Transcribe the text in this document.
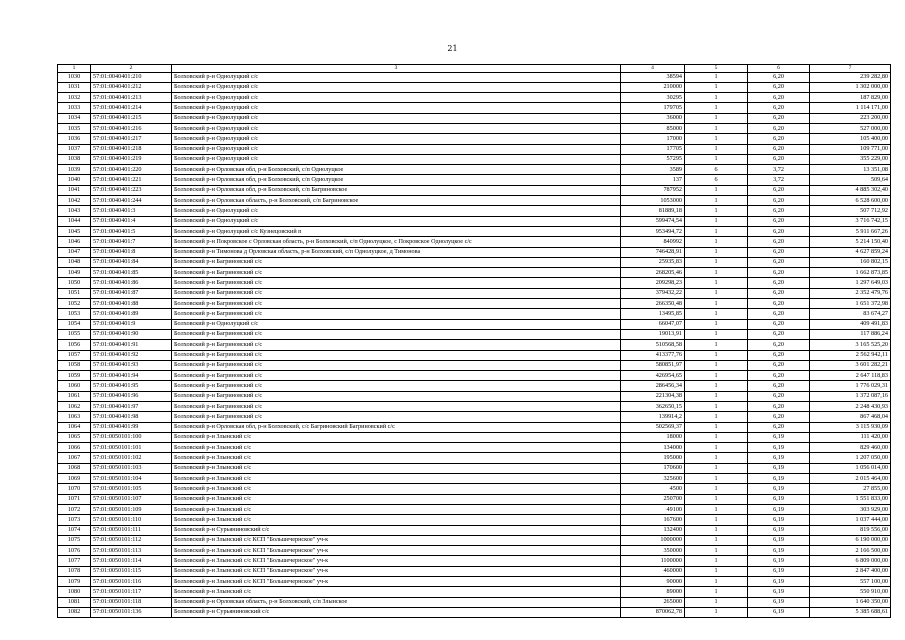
21
1	2	3	4	5	6	7
1030	57:01:0040401:210	Болховский р-н Однолуцкий с/с	38594	1	6,20	239 282,80
1031	57:01:0040401:212	Болховский р-н Однолуцкий с/с	210000	1	6,20	1 302 000,00
1032	57:01:0040401:213	Болховский р-н Однолуцкий с/с	30295	1	6,20	187 829,00
1033	57:01:0040401:214	Болховский р-н Однолуцкий с/с	179705	1	6,20	1 114 171,00
1034	57:01:0040401:215	Болховский р-н Однолуцкий с/с	36000	1	6,20	223 200,00
1035	57:01:0040401:216	Болховский р-н Однолуцкий с/с	85000	1	6,20	527 000,00
1036	57:01:0040401:217	Болховский р-н Однолуцкий с/с	17000	1	6,20	105 400,00
1037	57:01:0040401:218	Болховский р-н Однолуцкий с/с	17705	1	6,20	109 771,00
1038	57:01:0040401:219	Болховский р-н Однолуцкий с/с	57295	1	6,20	355 229,00
1039	57:01:0040401:220	Болховский р-н Орловская обл, р-н Болховский, с/п Однолуцкое	3589	6	3,72	13 351,08
1040	57:01:0040401:221	Болховский р-н Орловская обл, р-н Болховский, с/п Однолуцкое	137	6	3,72	509,64
1041	57:01:0040401:223	Болховский р-н Орловская обл, р-н Болховский, с/п Багриновское	787952	1	6,20	4 885 302,40
1042	57:01:0040401:244	Болховский р-н Орловская область, р-н Болховский, с/п Багриновское	1053000	1	6,20	6 528 600,00
1043	57:01:0040401:3	Болховский р-н Однолуцкий с/с	81889,18	1	6,20	507 712,92
1044	57:01:0040401:4	Болховский р-н Однолуцкий с/с	599474,54	1	6,20	3 716 742,15
1045	57:01:0040401:5	Болховский р-н Однолуцкий с/с Кузнецовский п	953494,72	1	6,20	5 911 667,26
1046	57:01:0040401:7	Болховский р-н Покровское с Орловская область, р-н Болховский, с/п Однолуцкое, с Покровское Однолуцкое с/с	840992	1	6,20	5 214 150,40
1047	57:01:0040401:8	Болховский р-н Тимонова д Орловская область, р-н Болховский, с/п Однолуцкое, д Тимонова	746428,91	1	6,20	4 627 859,24
1048	57:01:0040401:84	Болховский р-н Багриновский с/с	25935,83	1	6,20	160 802,15
1049	57:01:0040401:85	Болховский р-н Багриновский с/с	268205,46	1	6,20	1 662 873,85
1050	57:01:0040401:86	Болховский р-н Багриновский с/с	209298,23	1	6,20	1 297 649,03
1051	57:01:0040401:87	Болховский р-н Багриновский с/с	379432,22	1	6,20	2 352 479,76
1052	57:01:0040401:88	Болховский р-н Багриновский с/с	266350,48	1	6,20	1 651 372,98
1053	57:01:0040401:89	Болховский р-н Багриновский с/с	13495,85	1	6,20	83 674,27
1054	57:01:0040401:9	Болховский р-н Однолуцкий с/с	66047,07	1	6,20	409 491,83
1055	57:01:0040401:90	Болховский р-н Багриновский с/с	19013,91	1	6,20	117 886,24
1056	57:01:0040401:91	Болховский р-н Багриновский с/с	510568,58	1	6,20	3 165 525,20
1057	57:01:0040401:92	Болховский р-н Багриновский с/с	413377,76	1	6,20	2 562 942,11
1058	57:01:0040401:93	Болховский р-н Багриновский с/с	580851,97	1	6,20	3 601 282,21
1059	57:01:0040401:94	Болховский р-н Багриновский с/с	426954,65	1	6,20	2 647 118,83
1060	57:01:0040401:95	Болховский р-н Багриновский с/с	286456,34	1	6,20	1 776 029,31
1061	57:01:0040401:96	Болховский р-н Багриновский с/с	221304,38	1	6,20	1 372 087,16
1062	57:01:0040401:97	Болховский р-н Багриновский с/с	362650,15	1	6,20	2 248 430,93
1063	57:01:0040401:98	Болховский р-н Багриновский с/с	139914,2	1	6,20	867 468,04
1064	57:01:0040401:99	Болховский р-н Орловская обл, р-н Болховский, с/с Багриновский Багриновский с/с	502569,37	1	6,20	3 115 930,09
1065	57:01:0050101:100	Болховский р-н Злынский с/с	18000	1	6,19	111 420,00
1066	57:01:0050101:101	Болховский р-н Злынский с/с	134000	1	6,19	829 460,00
1067	57:01:0050101:102	Болховский р-н Злынский с/с	195000	1	6,19	1 207 050,00
1068	57:01:0050101:103	Болховский р-н Злынский с/с	170600	1	6,19	1 056 014,00
1069	57:01:0050101:104	Болховский р-н Злынский с/с	325600	1	6,19	2 015 464,00
1070	57:01:0050101:105	Болховский р-н Злынский с/с	4500	1	6,19	27 855,00
1071	57:01:0050101:107	Болховский р-н Злынский с/с	250700	1	6,19	1 551 833,00
1072	57:01:0050101:109	Болховский р-н Злынский с/с	49100	1	6,19	303 929,00
1073	57:01:0050101:110	Болховский р-н Злынский с/с	167600	1	6,19	1 037 444,00
1074	57:01:0050101:111	Болховский р-н Сурьяниновский с/с	132400	1	6,19	819 556,00
1075	57:01:0050101:112	Болховский р-н Злынский с/с КСП "Большечернское" уч-к	1000000	1	6,19	6 190 000,00
1076	57:01:0050101:113	Болховский р-н Злынский с/с КСП "Большечернское" уч-к	350000	1	6,19	2 166 500,00
1077	57:01:0050101:114	Болховский р-н Злынский с/с КСП "Большечернское" уч-к	1100000	1	6,19	6 809 000,00
1078	57:01:0050101:115	Болховский р-н Злынский с/с КСП "Большечернское" уч-к	460000	1	6,19	2 847 400,00
1079	57:01:0050101:116	Болховский р-н Злынский с/с КСП "Большечернское" уч-к	90000	1	6,19	557 100,00
1080	57:01:0050101:117	Болховский р-н Злынский с/с	89000	1	6,19	550 910,00
1081	57:01:0050101:118	Болховский р-н Орловская область, р-н Болховский, с/п Злынское	265000	1	6,19	1 640 350,00
1082	57:01:0050101:136	Болховский р-н Сурьяниновский с/с	870062,78	1	6,19	5 385 688,61
